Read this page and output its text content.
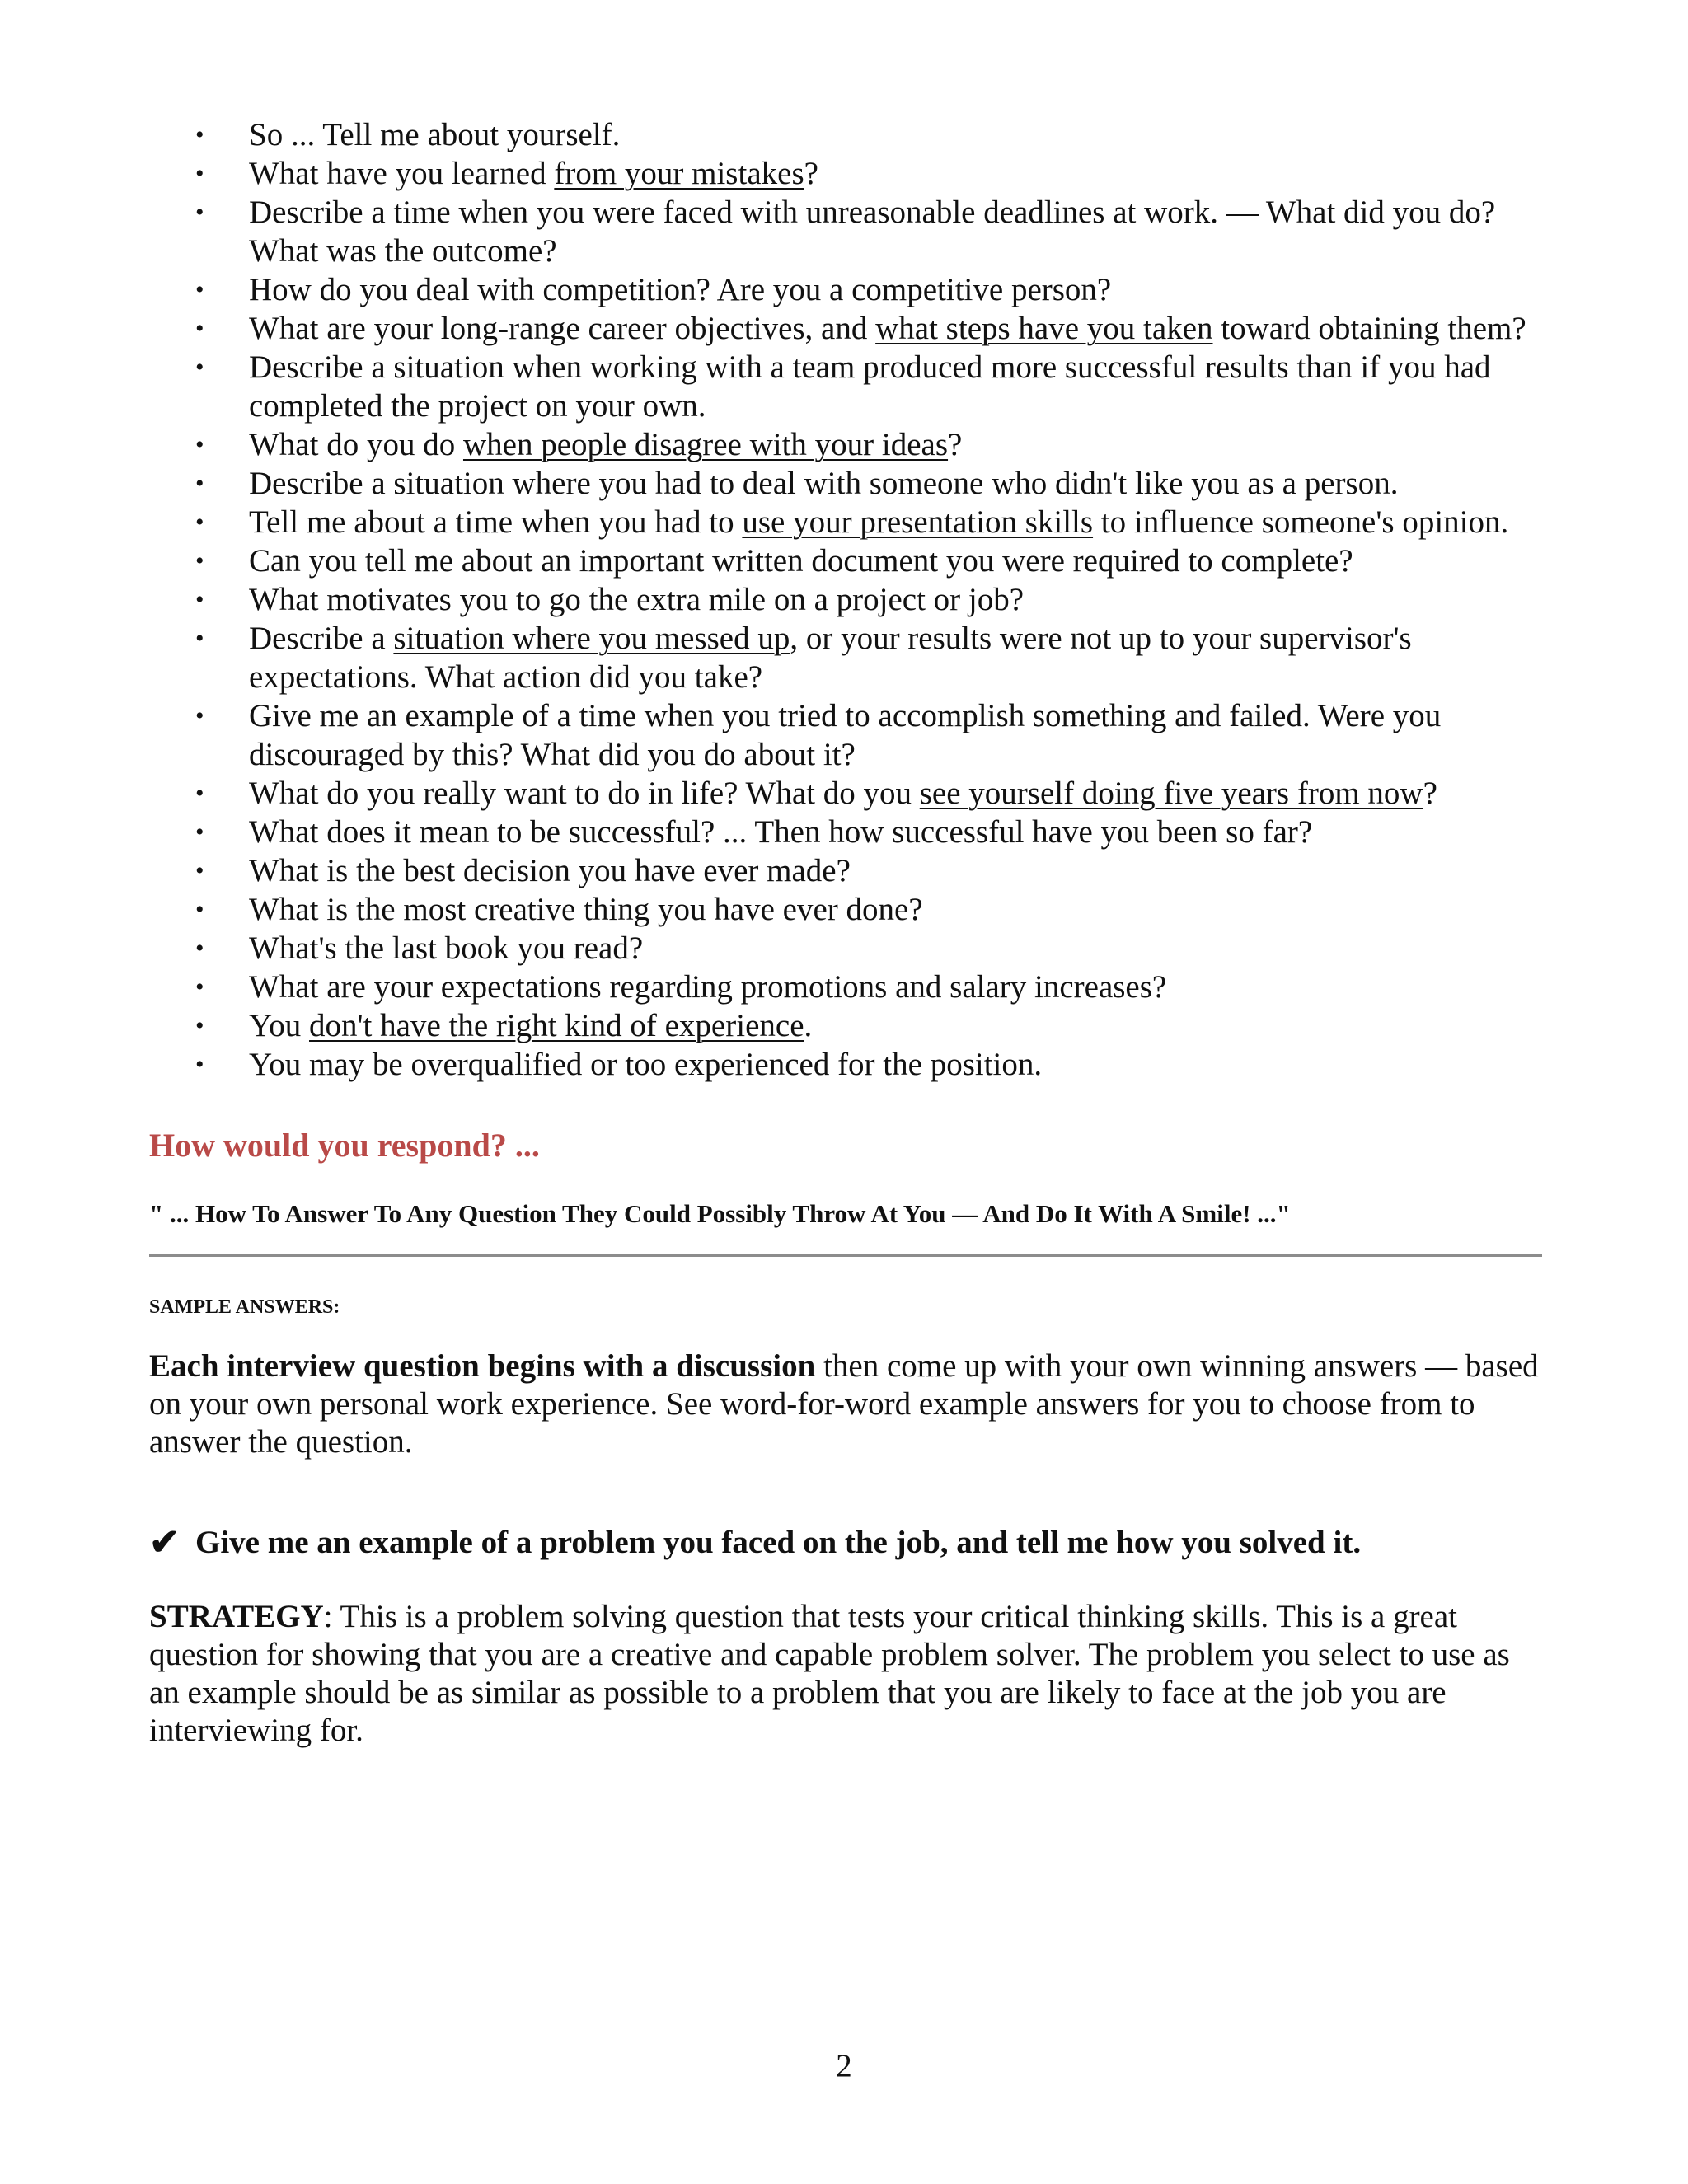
• So ... Tell me about yourself.
• What have you learned from your mistakes?
• Describe a time when you were faced with unreasonable deadlines at work. — What did you do? What was the outcome?
• How do you deal with competition? Are you a competitive person?
• What are your long-range career objectives, and what steps have you taken toward obtaining them?
• Describe a situation when working with a team produced more successful results than if you had completed the project on your own.
• What do you do when people disagree with your ideas?
• Describe a situation where you had to deal with someone who didn't like you as a person.
• Tell me about a time when you had to use your presentation skills to influence someone's opinion.
• Can you tell me about an important written document you were required to complete?
• What motivates you to go the extra mile on a project or job?
• Describe a situation where you messed up, or your results were not up to your supervisor's expectations. What action did you take?
• Give me an example of a time when you tried to accomplish something and failed. Were you discouraged by this? What did you do about it?
• What do you really want to do in life? What do you see yourself doing five years from now?
• What does it mean to be successful? ... Then how successful have you been so far?
• What is the best decision you have ever made?
• What is the most creative thing you have ever done?
• What's the last book you read?
• What are your expectations regarding promotions and salary increases?
• You don't have the right kind of experience.
• You may be overqualified or too experienced for the position.
How would you respond? ...

" ... How To Answer To Any Question They Could Possibly Throw At You — And Do It With A Smile! ..."

SAMPLE ANSWERS:

Each interview question begins with a discussion then come up with your own winning answers — based on your own personal work experience. See word-for-word example answers for you to choose from to answer the question.

✔ Give me an example of a problem you faced on the job, and tell me how you solved it.

STRATEGY: This is a problem solving question that tests your critical thinking skills. This is a great question for showing that you are a creative and capable problem solver. The problem you select to use as an example should be as similar as possible to a problem that you are likely to face at the job you are interviewing for.

2
